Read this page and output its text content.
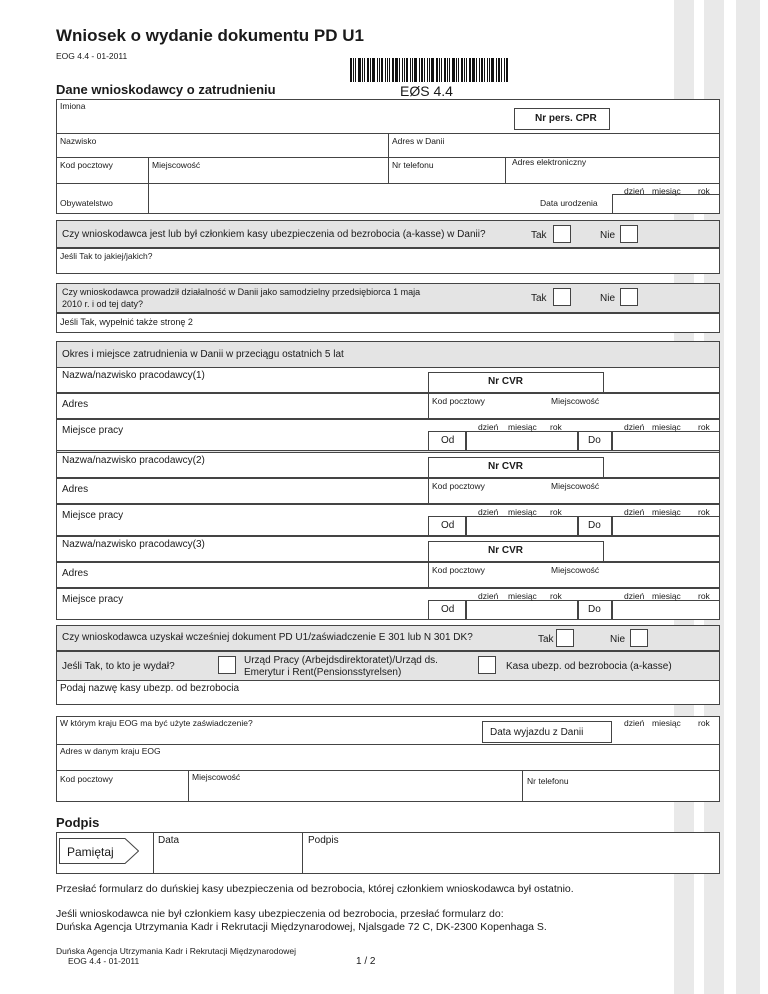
Wniosek o wydanie dokumentu PD U1
EOG 4.4 - 01-2011
Dane wnioskodawcy o zatrudnieniu	EØS 4.4
Imiona
Nr pers. CPR
Nazwisko	Adres w Danii
Kod pocztowy	Miejscowość	Nr telefonu	Adres elektroniczny
Obywatelstwo	Data urodzenia
dzień miesiąc rok
Czy wnioskodawca jest lub był członkiem kasy ubezpieczenia od bezrobocia (a-kasse) w Danii?	Tak	Nie
Jeśli Tak to jakiej/jakich?
Czy wnioskodawca prowadził działalność w Danii jako samodzielny przedsiębiorca 1 maja
2010 r. i od tej daty?	Tak	Nie
Jeśli Tak, wypełnić także stronę 2
Okres i miejsce zatrudnienia w Danii w przeciągu ostatnich 5 lat
Nazwa/nazwisko pracodawcy(1)
Nr CVR
Adres	Kod pocztowy	Miejscowość
Miejsce pracy
Od
dzień miesiąc rok
Do
dzień miesiąc rok
Nazwa/nazwisko pracodawcy(2)
Nr CVR
Adres	Kod pocztowy	Miejscowość
Miejsce pracy
Od
dzień miesiąc rok
Do
dzień miesiąc rok
Nazwa/nazwisko pracodawcy(3)
Nr CVR
Adres	Kod pocztowy	Miejscowość
Miejsce pracy
Od
dzień miesiąc rok
Do
dzień miesiąc rok
Czy wnioskodawca uzyskał wcześniej dokument PD U1/zaświadczenie E 301 lub N 301 DK?	Tak	Nie
Jeśli Tak, to kto je wydał?
Urząd Pracy (Arbejdsdirektoratet)/Urząd ds.
Emerytur i Rent(Pensionsstyrelsen)
Kasa ubezp. od bezrobocia (a-kasse)
Podaj nazwę kasy ubezp. od bezrobocia
W którym kraju EOG ma być użyte zaświadczenie?
Data wyjazdu z Danii
dzień miesiąc rok
Adres w danym kraju EOG
Kod pocztowy	Miejscowość	Nr telefonu
Podpis
Pamiętaj
Data	Podpis
Przesłać formularz do duńskiej kasy ubezpieczenia od bezrobocia, której członkiem wnioskodawca był ostatnio.
Jeśli wnioskodawca nie był członkiem kasy ubezpieczenia od bezrobocia, przesłać formularz do:
Duńska Agencja Utrzymania Kadr i Rekrutacji Międzynarodowej, Njalsgade 72 C, DK-2300 Kopenhaga S.
Duńska Agencja Utrzymania Kadr i Rekrutacji Międzynarodowej
EOG 4.4 - 01-2011	1 / 2
